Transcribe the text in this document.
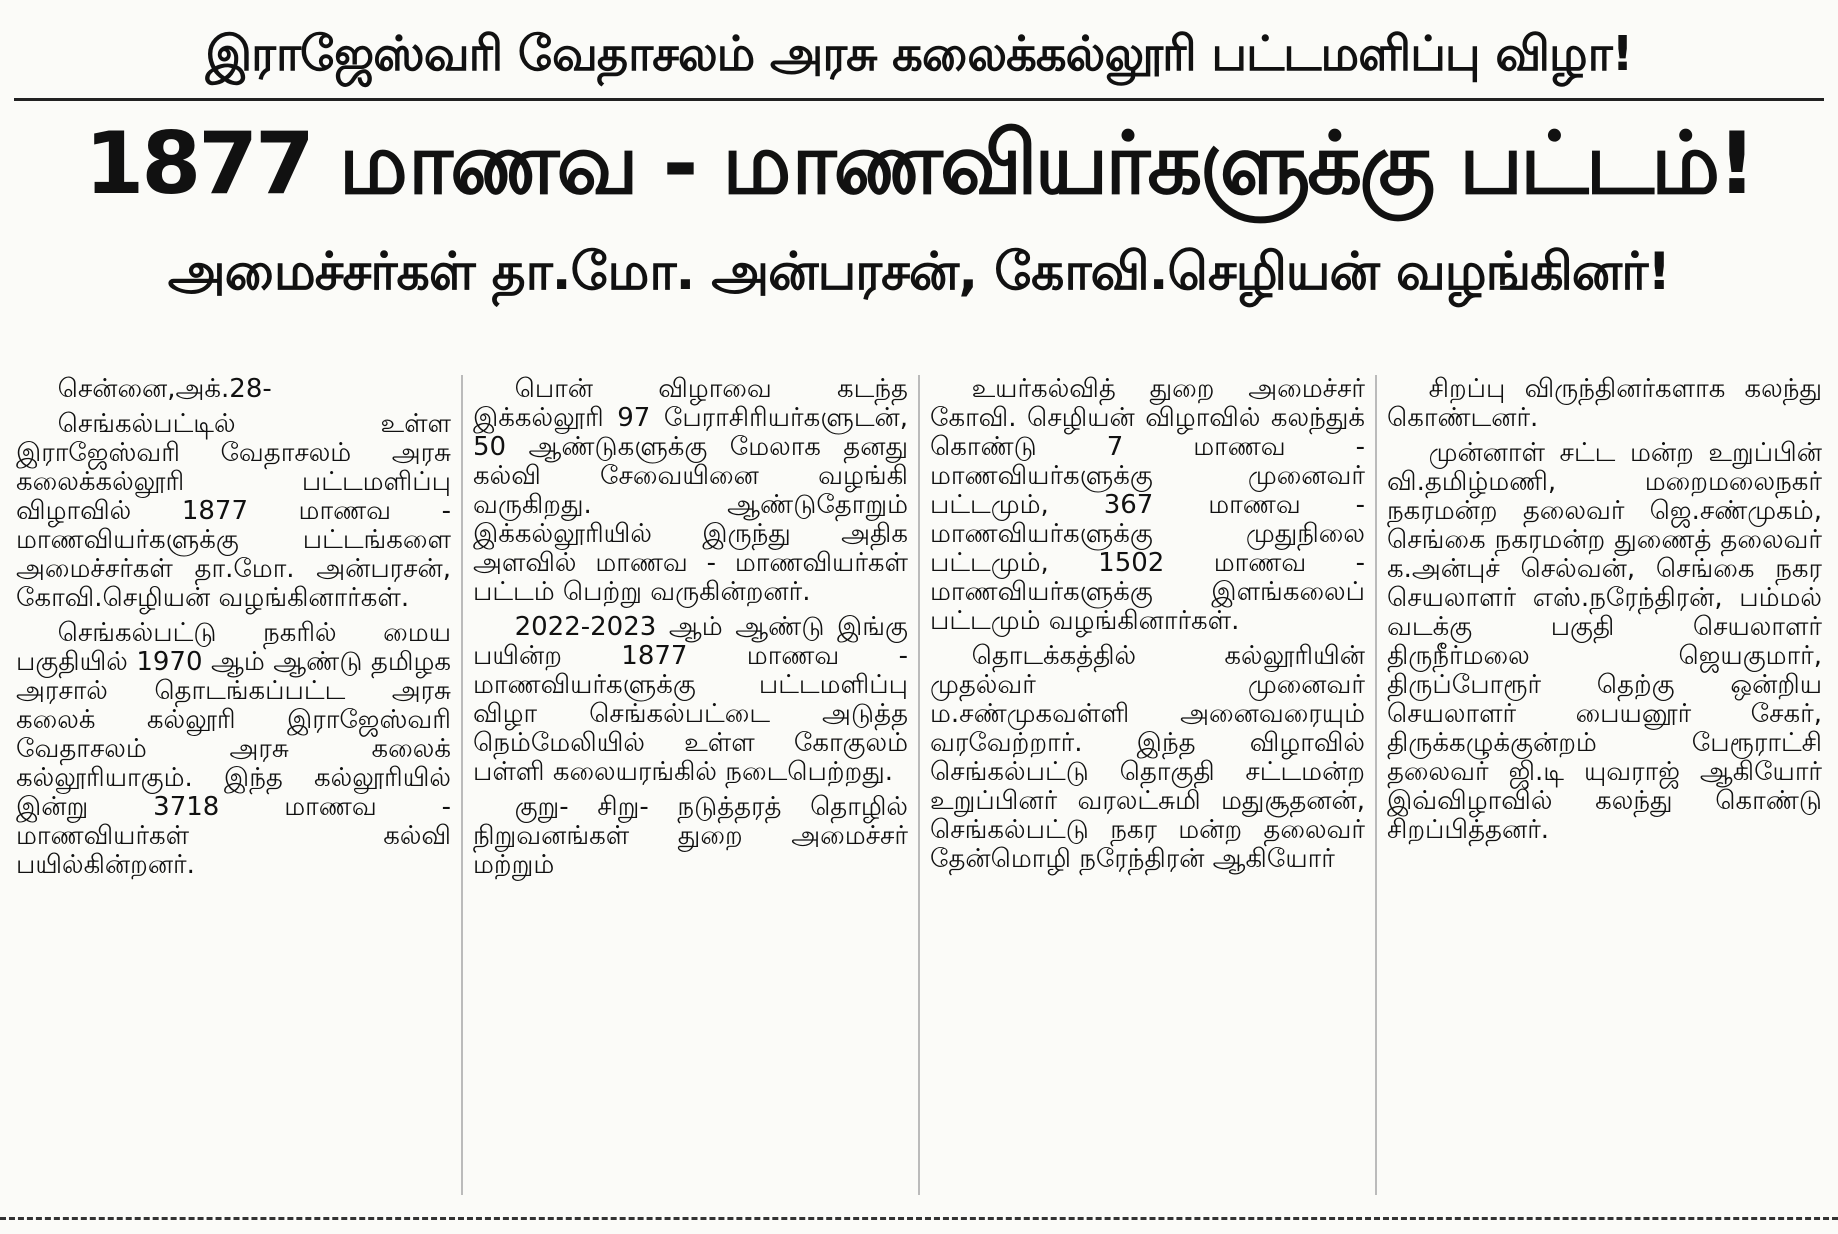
இராஜேஸ்வரி வேதாசலம் அரசு கலைக்கல்லூரி பட்டமளிப்பு விழா!
1877 மாணவ - மாணவியர்களுக்கு பட்டம்!
அமைச்சர்கள் தா.மோ. அன்பரசன், கோவி.செழியன் வழங்கினர்!

சென்னை,அக்.28-

செங்கல்பட்டில் உள்ள இராஜேஸ்வரி வேதாசலம் அரசு கலைக்கல்லூரி பட்டமளிப்பு விழாவில் 1877 மாணவ - மாணவியர்களுக்கு பட்டங்களை அமைச்சர்கள் தா.மோ. அன்பரசன், கோவி.செழியன் வழங்கினார்கள்.

செங்கல்பட்டு நகரில் மைய பகுதியில் 1970 ஆம் ஆண்டு தமிழக அரசால் தொடங்கப்பட்ட அரசு கலைக் கல்லூரி இராஜேஸ்வரி வேதாசலம் அரசு கலைக் கல்லூரியாகும். இந்த கல்லூரியில் இன்று 3718 மாணவ - மாணவியர்கள் கல்வி பயில்கின்றனர்.

பொன் விழாவை கடந்த இக்கல்லூரி 97 பேராசிரியர்களுடன், 50 ஆண்டுகளுக்கு மேலாக தனது கல்வி சேவையினை வழங்கி வருகிறது. ஆண்டுதோறும் இக்கல்லூரியில் இருந்து அதிக அளவில் மாணவ - மாணவியர்கள் பட்டம் பெற்று வருகின்றனர்.

2022-2023 ஆம் ஆண்டு இங்கு பயின்ற 1877 மாணவ - மாணவியர்களுக்கு பட்டமளிப்பு விழா செங்கல்பட்டை அடுத்த நெம்மேலியில் உள்ள கோகுலம் பள்ளி கலையரங்கில் நடைபெற்றது.

குறு- சிறு- நடுத்தரத் தொழில் நிறுவனங்கள் துறை அமைச்சர் மற்றும்

உயர்கல்வித் துறை அமைச்சர் கோவி. செழியன் விழாவில் கலந்துக் கொண்டு 7 மாணவ - மாணவியர்களுக்கு முனைவர் பட்டமும், 367 மாணவ - மாணவியர்களுக்கு முதுநிலை பட்டமும், 1502 மாணவ - மாணவியர்களுக்கு இளங்கலைப் பட்டமும் வழங்கினார்கள்.

தொடக்கத்தில் கல்லூரியின் முதல்வர் முனைவர் ம.சண்முகவள்ளி அனைவரையும் வரவேற்றார். இந்த விழாவில் செங்கல்பட்டு தொகுதி சட்டமன்ற உறுப்பினர் வரலட்சுமி மதுசூதனன், செங்கல்பட்டு நகர மன்ற தலைவர் தேன்மொழி நரேந்திரன் ஆகியோர்

சிறப்பு விருந்தினர்களாக கலந்து கொண்டனர்.

முன்னாள் சட்ட மன்ற உறுப்பின் வி.தமிழ்மணி, மறைமலைநகர் நகரமன்ற தலைவர் ஜெ.சண்முகம், செங்கை நகரமன்ற துணைத் தலைவர் க.அன்புச் செல்வன், செங்கை நகர செயலாளர் எஸ்.நரேந்திரன், பம்மல் வடக்கு பகுதி செயலாளர் திருநீர்மலை ஜெயகுமார், திருப்போரூர் தெற்கு ஒன்றிய செயலாளர் பையனூர் சேகர், திருக்கழுக்குன்றம் பேரூராட்சி தலைவர் ஜி.டி யுவராஜ் ஆகியோர் இவ்விழாவில் கலந்து கொண்டு சிறப்பித்தனர்.
